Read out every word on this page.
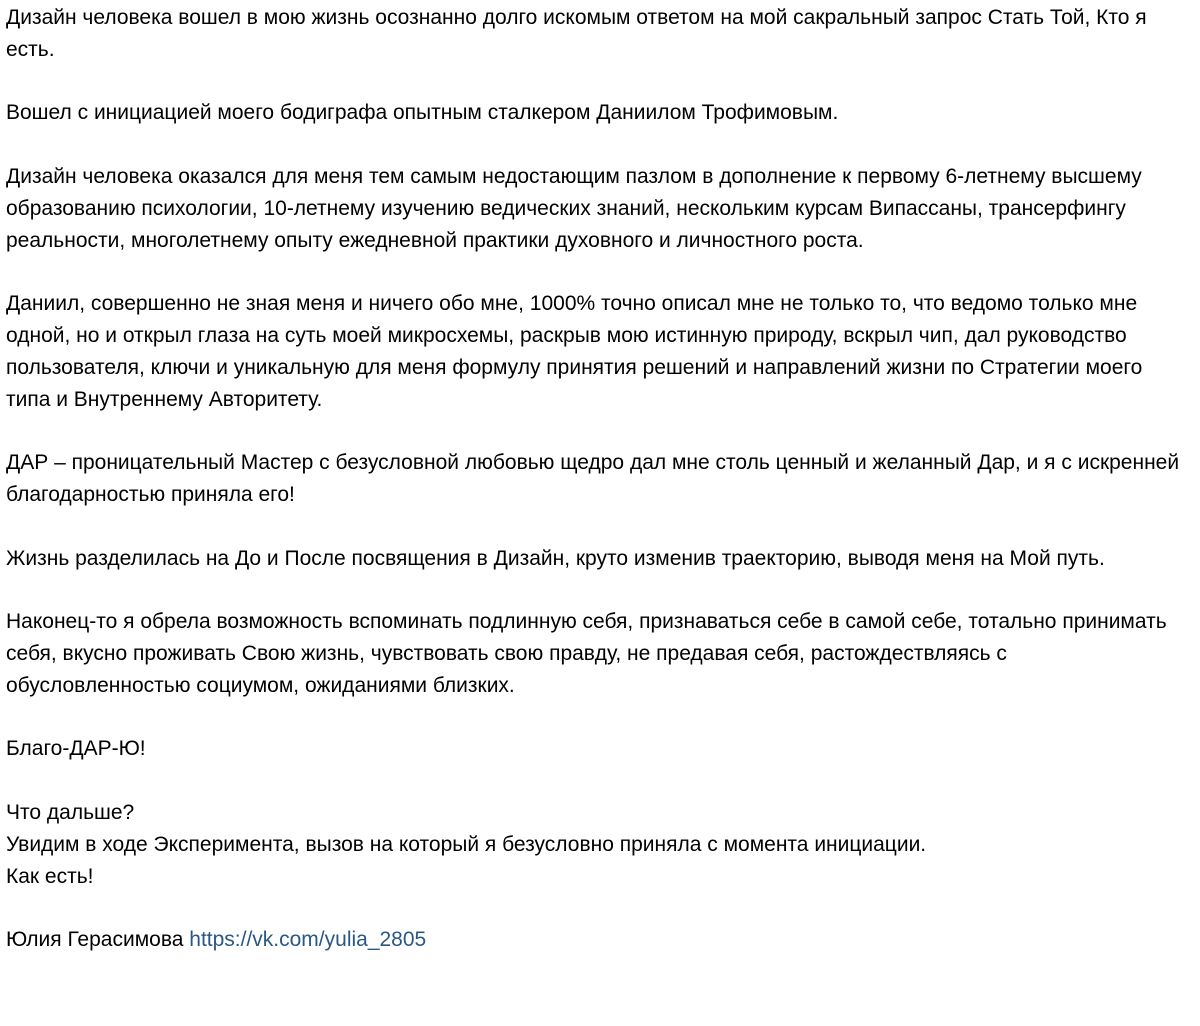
Дизайн человека вошел в мою жизнь осознанно долго искомым ответом на мой сакральный запрос Стать Той, Кто я есть.

Вошел с инициацией моего бодиграфа опытным сталкером Даниилом Трофимовым.

Дизайн человека оказался для меня тем самым недостающим пазлом в дополнение к первому 6-летнему высшему образованию психологии, 10-летнему изучению ведических знаний, нескольким курсам Випассаны, трансерфингу реальности, многолетнему опыту ежедневной практики духовного и личностного роста.

Даниил, совершенно не зная меня и ничего обо мне, 1000% точно описал мне не только то, что ведомо только мне одной, но и открыл глаза на суть моей микросхемы, раскрыв мою истинную природу, вскрыл чип, дал руководство пользователя, ключи и уникальную для меня формулу принятия решений и направлений жизни по Стратегии моего типа и Внутреннему Авторитету.

ДАР – проницательный Мастер с безусловной любовью щедро дал мне столь ценный и желанный Дар, и я с искренней благодарностью приняла его!

Жизнь разделилась на До и После посвящения в Дизайн, круто изменив траекторию, выводя меня на Мой путь.

Наконец-то я обрела возможность вспоминать подлинную себя, признаваться себе в самой себе, тотально принимать себя, вкусно проживать Свою жизнь, чувствовать свою правду, не предавая себя, растождествляясь с обусловленностью социумом, ожиданиями близких.

Благо-ДАР-Ю!

Что дальше?
Увидим в ходе Эксперимента, вызов на который я безусловно приняла с момента инициации.
Как есть!

Юлия Герасимова https://vk.com/yulia_2805
